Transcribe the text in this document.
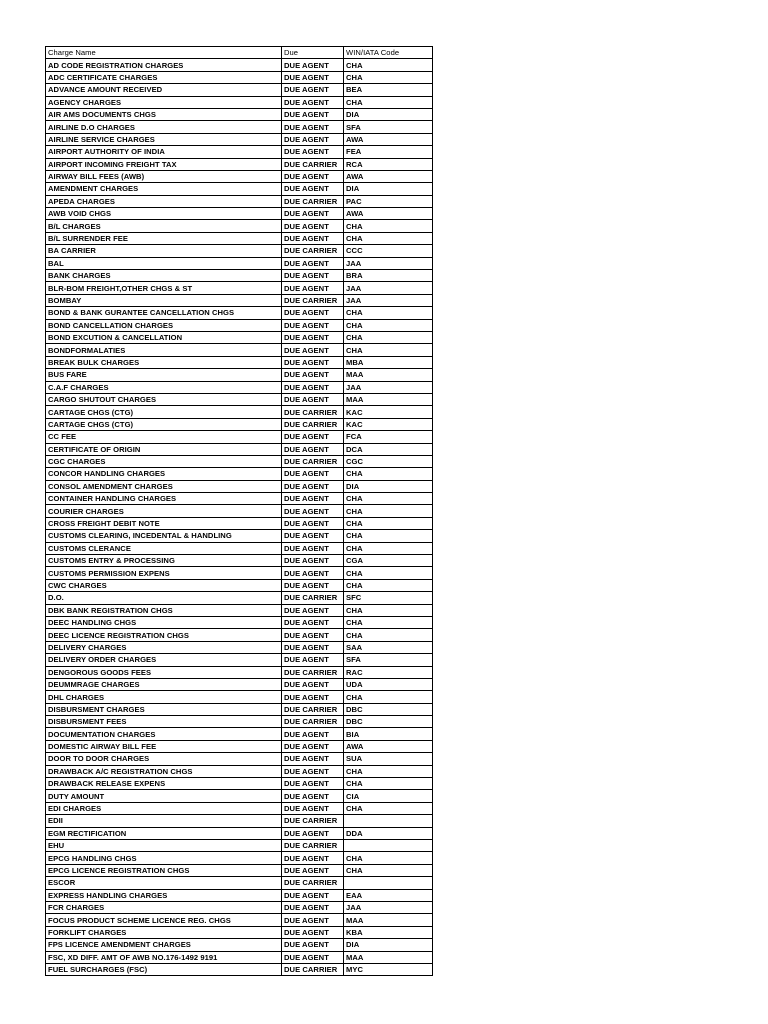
Charge Name	Due	WIN/IATA Code
AD CODE REGISTRATION CHARGES	DUE AGENT	CHA
ADC CERTIFICATE CHARGES	DUE AGENT	CHA
ADVANCE AMOUNT RECEIVED	DUE AGENT	BEA
AGENCY CHARGES	DUE AGENT	CHA
AIR AMS DOCUMENTS CHGS	DUE AGENT	DIA
AIRLINE D.O CHARGES	DUE AGENT	SFA
AIRLINE SERVICE CHARGES	DUE AGENT	AWA
AIRPORT AUTHORITY OF INDIA	DUE AGENT	FEA
AIRPORT INCOMING FREIGHT TAX	DUE CARRIER	RCA
AIRWAY BILL FEES (AWB)	DUE AGENT	AWA
AMENDMENT CHARGES	DUE AGENT	DIA
APEDA CHARGES	DUE CARRIER	PAC
AWB VOID CHGS	DUE AGENT	AWA
B/L CHARGES	DUE AGENT	CHA
B/L SURRENDER FEE	DUE AGENT	CHA
BA CARRIER	DUE CARRIER	CCC
BAL	DUE AGENT	JAA
BANK CHARGES	DUE AGENT	BRA
BLR-BOM FREIGHT,OTHER CHGS & ST	DUE AGENT	JAA
BOMBAY	DUE CARRIER	JAA
BOND & BANK GURANTEE CANCELLATION CHGS	DUE AGENT	CHA
BOND CANCELLATION CHARGES	DUE AGENT	CHA
BOND EXCUTION & CANCELLATION	DUE AGENT	CHA
BONDFORMALATIES	DUE AGENT	CHA
BREAK BULK CHARGES	DUE AGENT	MBA
BUS FARE	DUE AGENT	MAA
C.A.F CHARGES	DUE AGENT	JAA
CARGO SHUTOUT CHARGES	DUE AGENT	MAA
CARTAGE CHGS (CTG)	DUE CARRIER	KAC
CARTAGE CHGS (CTG)	DUE CARRIER	KAC
CC FEE	DUE AGENT	FCA
CERTIFICATE OF ORIGIN	DUE AGENT	DCA
CGC CHARGES	DUE CARRIER	CGC
CONCOR HANDLING CHARGES	DUE AGENT	CHA
CONSOL AMENDMENT CHARGES	DUE AGENT	DIA
CONTAINER HANDLING CHARGES	DUE AGENT	CHA
COURIER CHARGES	DUE AGENT	CHA
CROSS FREIGHT DEBIT NOTE	DUE AGENT	CHA
CUSTOMS CLEARING, INCEDENTAL & HANDLING	DUE AGENT	CHA
CUSTOMS CLERANCE	DUE AGENT	CHA
CUSTOMS ENTRY & PROCESSING	DUE AGENT	CGA
CUSTOMS PERMISSION EXPENS	DUE AGENT	CHA
CWC CHARGES	DUE AGENT	CHA
D.O.	DUE CARRIER	SFC
DBK BANK REGISTRATION CHGS	DUE AGENT	CHA
DEEC HANDLING CHGS	DUE AGENT	CHA
DEEC LICENCE REGISTRATION CHGS	DUE AGENT	CHA
DELIVERY CHARGES	DUE AGENT	SAA
DELIVERY ORDER CHARGES	DUE AGENT	SFA
DENGOROUS GOODS FEES	DUE CARRIER	RAC
DEUMMRAGE CHARGES	DUE AGENT	UDA
DHL CHARGES	DUE AGENT	CHA
DISBURSMENT CHARGES	DUE CARRIER	DBC
DISBURSMENT FEES	DUE CARRIER	DBC
DOCUMENTATION CHARGES	DUE AGENT	BIA
DOMESTIC AIRWAY BILL FEE	DUE AGENT	AWA
DOOR TO DOOR CHARGES	DUE AGENT	SUA
DRAWBACK A/C REGISTRATION CHGS	DUE AGENT	CHA
DRAWBACK RELEASE EXPENS	DUE AGENT	CHA
DUTY AMOUNT	DUE AGENT	CIA
EDI CHARGES	DUE AGENT	CHA
EDII	DUE CARRIER	
EGM RECTIFICATION	DUE AGENT	DDA
EHU	DUE CARRIER	
EPCG HANDLING CHGS	DUE AGENT	CHA
EPCG LICENCE REGISTRATION CHGS	DUE AGENT	CHA
ESCOR	DUE CARRIER	
EXPRESS HANDLING CHARGES	DUE AGENT	EAA
FCR CHARGES	DUE AGENT	JAA
FOCUS PRODUCT SCHEME LICENCE REG. CHGS	DUE AGENT	MAA
FORKLIFT CHARGES	DUE AGENT	KBA
FPS LICENCE AMENDMENT CHARGES	DUE AGENT	DIA
FSC, XD DIFF. AMT OF AWB NO.176-1492 9191	DUE AGENT	MAA
FUEL SURCHARGES (FSC)	DUE CARRIER	MYC
